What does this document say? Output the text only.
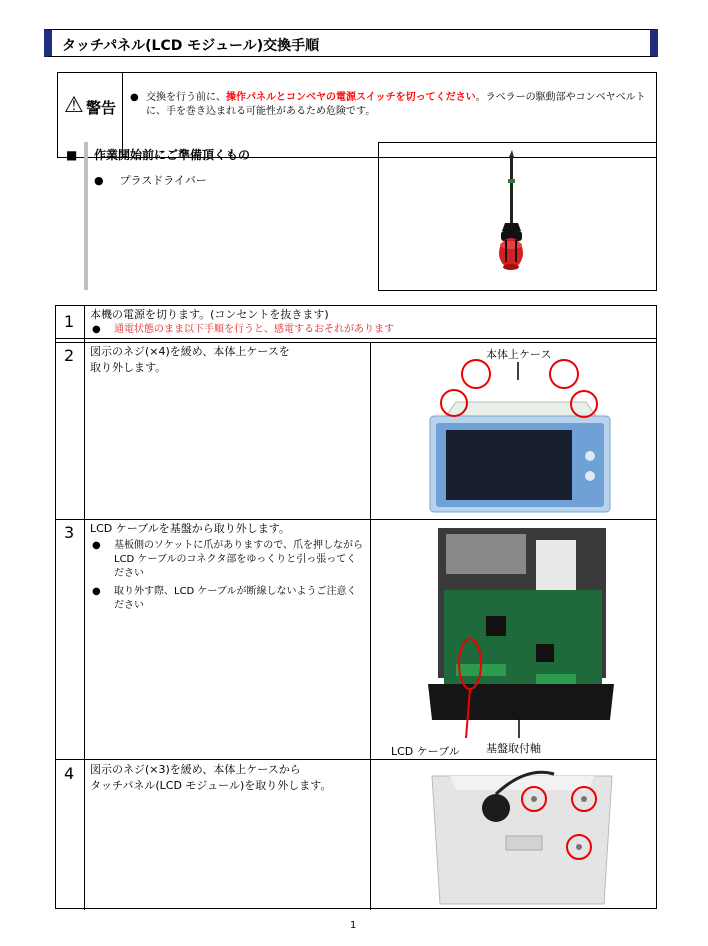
タッチパネル(LCD モジュール)交換手順
⚠ 警告
● 交換を行う前に、操作パネルとコンベヤの電源スイッチを切ってください。ラベラーの駆動部やコンベヤベルトに、手を巻き込まれる可能性があるため危険です。
■ 作業開始前にご準備頂くもの
● プラスドライバー
1 本機の電源を切ります。(コンセントを抜きます)
● 通電状態のまま以下手順を行うと、感電するおそれがあります
2 図示のネジ(×4)を緩め、本体上ケースを
取り外します。
本体上ケース
3 LCD ケーブルを基盤から取り外します。
● 基板側のソケットに爪がありますので、爪を押しながら LCD ケーブルのコネクタ部をゆっくりと引っ張ってください
● 取り外す際、LCD ケーブルが断線しないようご注意ください
LCD ケーブル 基盤取付軸
4 図示のネジ(×3)を緩め、本体上ケースから
タッチパネル(LCD モジュール)を取り外します。
1
